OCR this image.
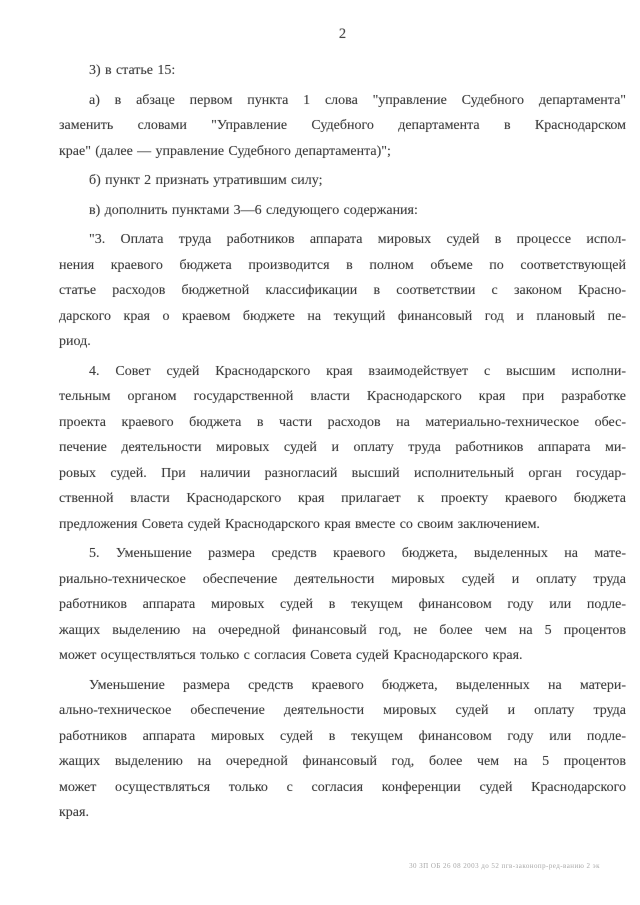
2
3) в статье 15:
а) в абзаце первом пункта 1 слова "управление Судебного департамента"
заменить словами "Управление Судебного департамента в Краснодарском
крае" (далее — управление Судебного департамента)";
б) пункт 2 признать утратившим силу;
в) дополнить пунктами 3—6 следующего содержания:
"3. Оплата труда работников аппарата мировых судей в процессе испол-
нения краевого бюджета производится в полном объеме по соответствующей
статье расходов бюджетной классификации в соответствии с законом Красно-
дарского края о краевом бюджете на текущий финансовый год и плановый пе-
риод.
4. Совет судей Краснодарского края взаимодействует с высшим исполни-
тельным органом государственной власти Краснодарского края при разработке
проекта краевого бюджета в части расходов на материально-техническое обес-
печение деятельности мировых судей и оплату труда работников аппарата ми-
ровых судей. При наличии разногласий высший исполнительный орган государ-
ственной власти Краснодарского края прилагает к проекту краевого бюджета
предложения Совета судей Краснодарского края вместе со своим заключением.
5. Уменьшение размера средств краевого бюджета, выделенных на мате-
риально-техническое обеспечение деятельности мировых судей и оплату труда
работников аппарата мировых судей в текущем финансовом году или подле-
жащих выделению на очередной финансовый год, не более чем на 5 процентов
может осуществляться только с согласия Совета судей Краснодарского края.
Уменьшение размера средств краевого бюджета, выделенных на матери-
ально-техническое обеспечение деятельности мировых судей и оплату труда
работников аппарата мировых судей в текущем финансовом году или подле-
жащих выделению на очередной финансовый год, более чем на 5 процентов
может осуществляться только с согласия конференции судей Краснодарского
края.
30 ЗП ОБ 26 08 2003 до 52 пгв-законопр-ред-ванию 2 эк
